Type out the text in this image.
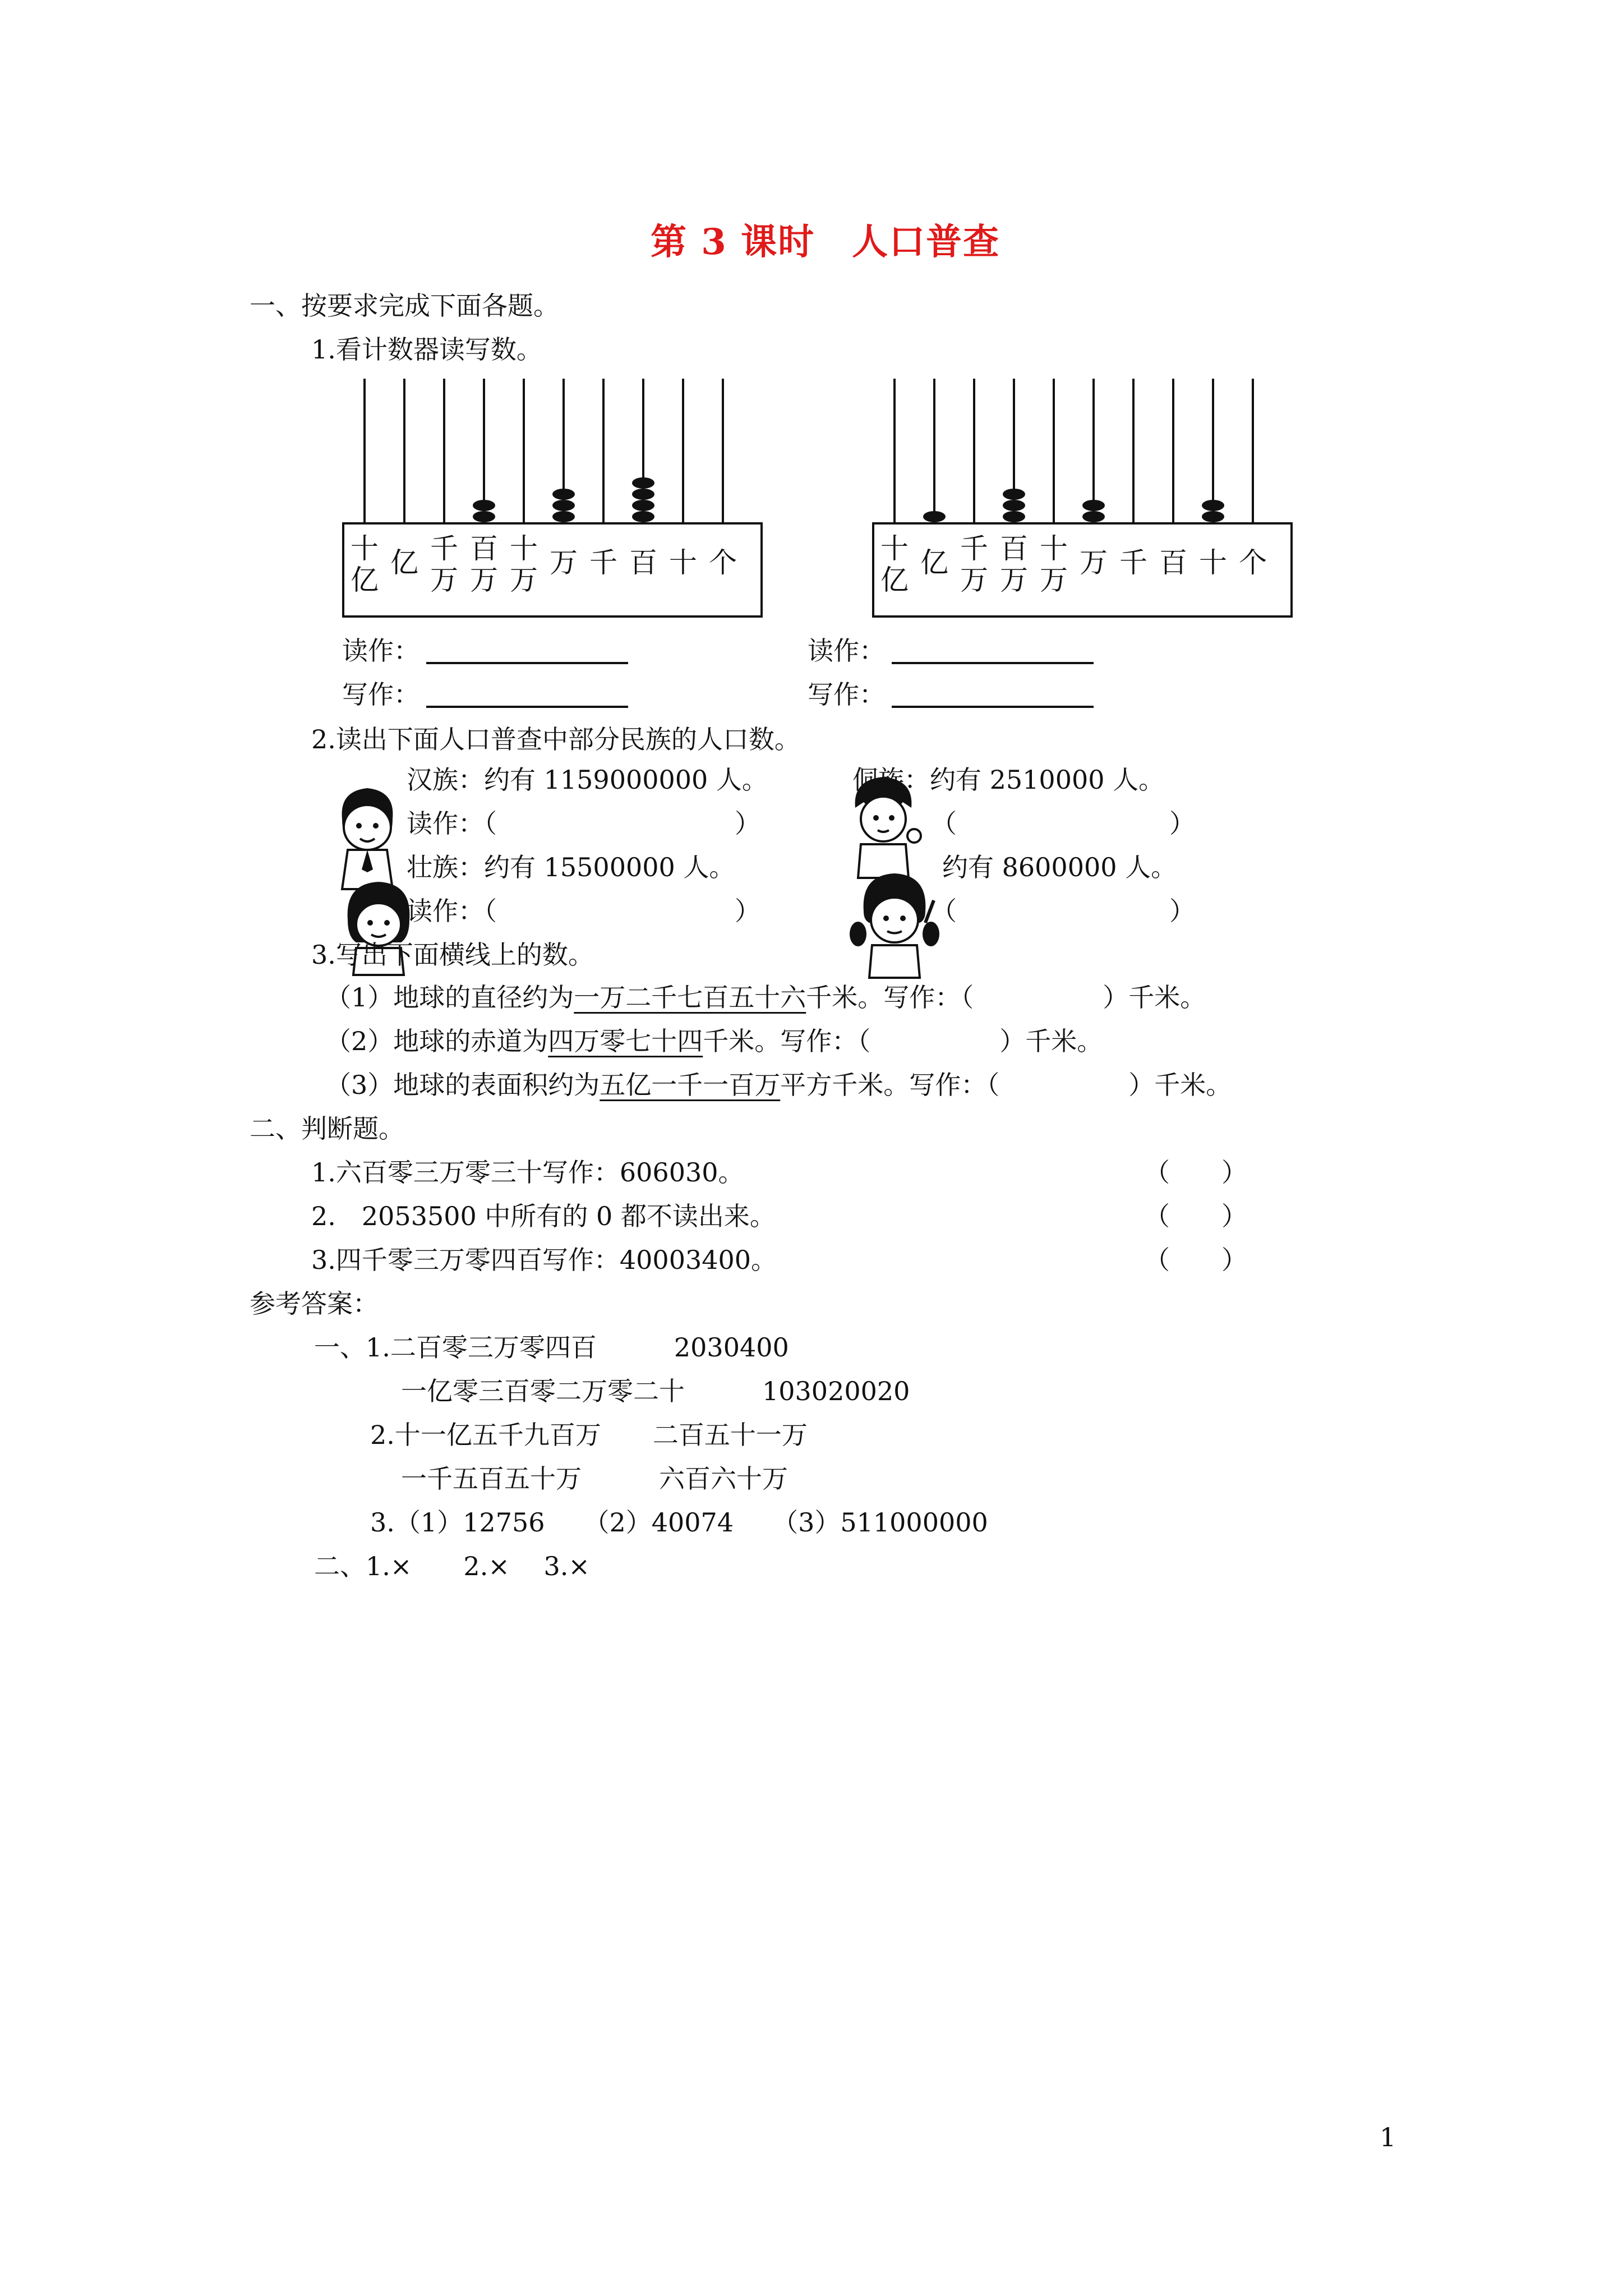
第 3 课时　人口普查
一、按要求完成下面各题。
1.看计数器读写数。
十亿
亿 千万
百万
十万
万 千 百 十 个	十亿
亿 千万
百万
十万
万 千 百 十 个
读作：
写作：
读作：
写作：
2.读出下面人口普查中部分民族的人口数。
汉族：约有 1159000000 人。
读作：（	）
壮族：约有 15500000 人。
读作：（	）
侗族：约有 2510000 人。
（	）
约有 8600000 人。
（	）
3.写出下面横线上的数。
（1）地球的直径约为一万二千七百五十六千米。写作：（　　　　　）千米。
（2）地球的赤道为四万零七十四千米。写作：（　　　　　）千米。
（3）地球的表面积约为五亿一千一百万平方千米。写作：（　　　　　）千米。
二、判断题。
1.六百零三万零三十写作：606030。	（　　）
2.　2053500 中所有的 0 都不读出来。	（　　）
3.四千零三万零四百写作：40003400。	（　　）
参考答案：
一、1.二百零三万零四百　　　2030400
一亿零三百零二万零二十　　　103020020
2.十一亿五千九百万　　二百五十一万
一千五百五十万　　　六百六十万
3.（1）12756　　（2）40074　　（3）511000000
二、1.×　　2.×　 3.×
1
